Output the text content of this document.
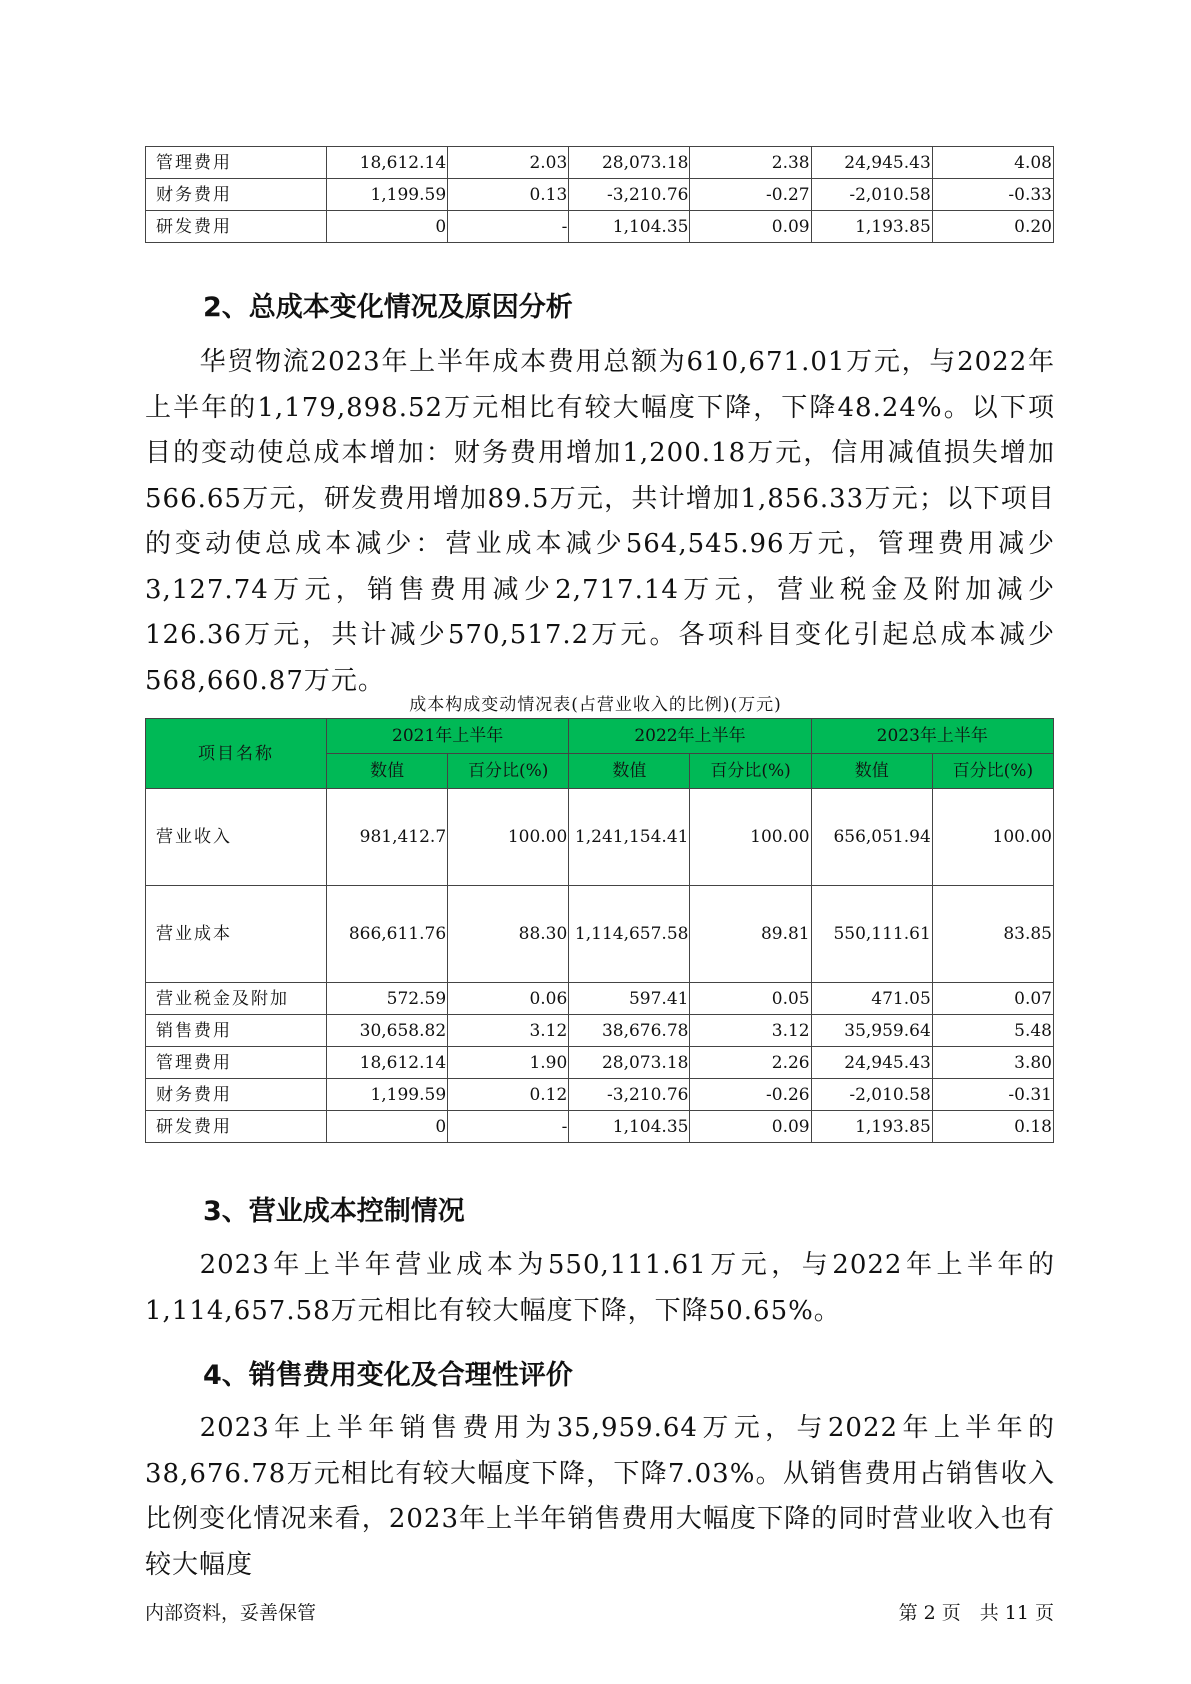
管理费用	18,612.14	2.03	28,073.18	2.38	24,945.43	4.08
财务费用	1,199.59	0.13	-3,210.76	-0.27	-2,010.58	-0.33
研发费用	0	-	1,104.35	0.09	1,193.85	0.20
2、总成本变化情况及原因分析

华贸物流2023年上半年成本费用总额为610,671.01万元，与2022年上半年的1,179,898.52万元相比有较大幅度下降，下降48.24%。以下项目的变动使总成本增加：财务费用增加1,200.18万元，信用减值损失增加566.65万元，研发费用增加89.5万元，共计增加1,856.33万元；以下项目的变动使总成本减少：营业成本减少564,545.96万元，管理费用减少3,127.74万元，销售费用减少2,717.14万元，营业税金及附加减少126.36万元，共计减少570,517.2万元。各项科目变化引起总成本减少568,660.87万元。

成本构成变动情况表(占营业收入的比例)(万元)
项目名称	2021年上半年		2022年上半年		2023年上半年	
	数值	百分比(%)	数值	百分比(%)	数值	百分比(%)
营业收入	981,412.7	100.00	1,241,154.41	100.00	656,051.94	100.00
营业成本	866,611.76	88.30	1,114,657.58	89.81	550,111.61	83.85
营业税金及附加	572.59	0.06	597.41	0.05	471.05	0.07
销售费用	30,658.82	3.12	38,676.78	3.12	35,959.64	5.48
管理费用	18,612.14	1.90	28,073.18	2.26	24,945.43	3.80
财务费用	1,199.59	0.12	-3,210.76	-0.26	-2,010.58	-0.31
研发费用	0	-	1,104.35	0.09	1,193.85	0.18
3、营业成本控制情况

2023年上半年营业成本为550,111.61万元，与2022年上半年的1,114,657.58万元相比有较大幅度下降，下降50.65%。

4、销售费用变化及合理性评价

2023年上半年销售费用为35,959.64万元，与2022年上半年的38,676.78万元相比有较大幅度下降，下降7.03%。从销售费用占销售收入比例变化情况来看，2023年上半年销售费用大幅度下降的同时营业收入也有较大幅度

内部资料，妥善保管	第 2 页　共 11 页
